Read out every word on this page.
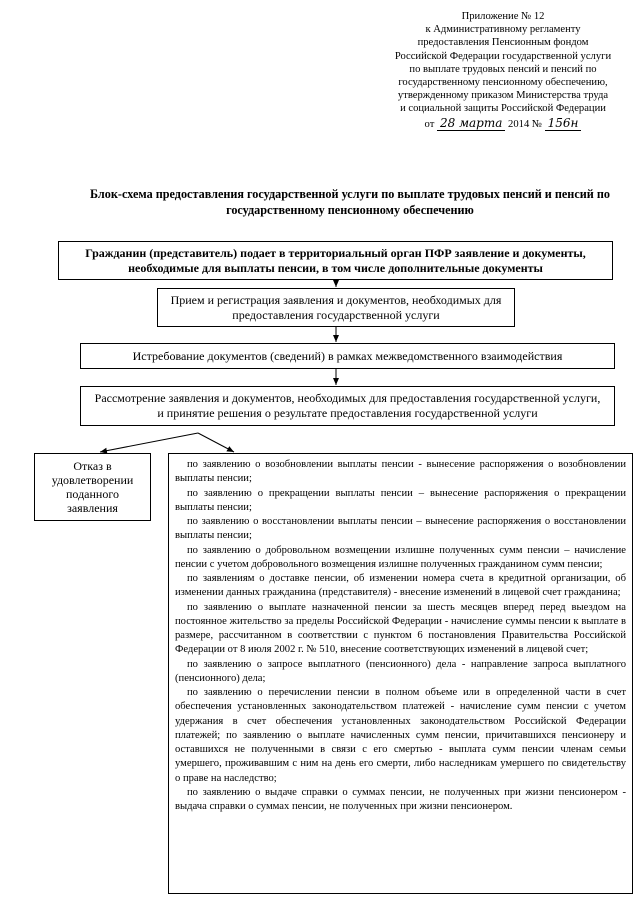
Приложение № 12
к Административному регламенту
предоставления Пенсионным фондом
Российской Федерации государственной услуги
по выплате трудовых пенсий и пенсий по
государственному пенсионному обеспечению,
утвержденному приказом Министерства труда
и социальной защиты Российской Федерации
от 28 марта 2014 № 156н
Блок-схема предоставления государственной услуги по выплате трудовых пенсий и пенсий по государственному пенсионному обеспечению
Гражданин (представитель) подает в территориальный орган ПФР заявление и документы, необходимые для выплаты пенсии, в том числе дополнительные документы
Прием и регистрация заявления и документов, необходимых для предоставления государственной услуги
Истребование документов (сведений) в рамках межведомственного взаимодействия
Рассмотрение заявления и документов, необходимых для предоставления государственной услуги, и принятие решения о результате предоставления государственной услуги
Отказ в удовлетворении поданного заявления

по заявлению о возобновлении выплаты пенсии - вынесение распоряжения о возобновлении выплаты пенсии;

по заявлению о прекращении выплаты пенсии – вынесение распоряжения о прекращении выплаты пенсии;

по заявлению о восстановлении выплаты пенсии – вынесение распоряжения о восстановлении выплаты пенсии;

по заявлению о добровольном возмещении излишне полученных сумм пенсии – начисление пенсии с учетом добровольного возмещения излишне полученных гражданином сумм пенсии;

по заявлениям о доставке пенсии, об изменении номера счета в кредитной организации, об изменении данных гражданина (представителя) - внесение изменений в лицевой счет гражданина;

по заявлению о выплате назначенной пенсии за шесть месяцев вперед перед выездом на постоянное жительство за пределы Российской Федерации - начисление суммы пенсии к выплате в размере, рассчитанном в соответствии с пунктом 6 постановления Правительства Российской Федерации от 8 июля 2002 г. № 510, внесение соответствующих изменений в лицевой счет;

по заявлению о запросе выплатного (пенсионного) дела - направление запроса выплатного (пенсионного) дела;

по заявлению о перечислении пенсии в полном объеме или в определенной части в счет обеспечения установленных законодательством платежей - начисление сумм пенсии с учетом удержания в счет обеспечения установленных законодательством Российской Федерации платежей; по заявлению о выплате начисленных сумм пенсии, причитавшихся пенсионеру и оставшихся не полученными в связи с его смертью - выплата сумм пенсии членам семьи умершего, проживавшим с ним на день его смерти, либо наследникам умершего по свидетельству о праве на наследство;

по заявлению о выдаче справки о суммах пенсии, не полученных при жизни пенсионером - выдача справки о суммах пенсии, не полученных при жизни пенсионером.
